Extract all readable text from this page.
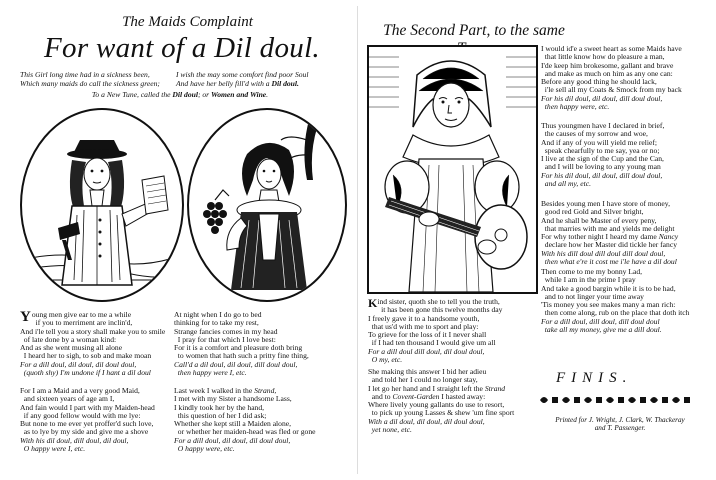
The Maids Complaint
For want of a Dil doul.
This Girl long time had in a sickness been,
Which many maids do call the sickness green;
I wish the may some comfort find poor Soul
And have her belly fill'd with a Dil doul.
To a New Tune, called the Dil doul; or Women and Wine.
Young men give ear to me a while
if you to merriment are inclin'd,
And i'le tell you a story shall make you to smile
of late done by a woman kind:
And as she went musing all alone
I heard her to sigh, to sob and make moan
For a dill doul, dil doul, dil doul doul,
(quoth shy) I'm undone if I hant a dil doul
For I am a Maid and a very good Maid,
and sixteen years of age am I,
And fain would I part with my Maiden-head
if any good fellow would with me lye:
But none to me ever yet proffer'd such love,
as to lye by my side and give me a shove
With his dil doul, dill doul, dil doul,
O happy were I, etc.
At night when I do go to bed
thinking for to take my rest,
Strange fancies comes in my head
I pray for that which I love best:
For it is a comfort and pleasure doth bring
to women that hath such a pritty fine thing,
Call'd a dil doul, dil doul, dill doul doul,
then happy were I, etc.
Last week I walked in the Strand,
I met with my Sister a handsome Lass,
I kindly took her by the hand,
this question of her I did ask;
Whether she kept still a Maiden alone,
or whether her maiden-head was fled or gone
For a dill doul, dil doul, dil doul doul,
O happy were, etc.
The Second Part, to the same
I would id'e a sweet heart as some Maids have
that little know how do pleasure a man,
I'de keep him brokesome, gallant and brave
and make as much on him as any one can:
Before any good thing he should lack,
i'le sell all my Coats & Smock from my back
For his dil doul, dil doul, dill doul doul,
then happy were, etc.
Thus youngmen have I declared in brief,
the causes of my sorrow and woe,
And if any of you will yield me relief;
speak chearfully to me say, yea or no;
I live at the sign of the Cup and the Can,
and I will be loving to any young man
For his dil doul, dil doul, dill doul doul,
and all my, etc.
Besides young men I have store of money,
good red Gold and Silver bright,
And he shall be Master of every peny,
that marries with me and yields me delight
For why tother night I heard my dame Nancy
declare how her Master did tickle her fancy
With his dill doul dill doul dill doul doul,
then what e're it cost me i'le have a dil doul
Then come to me my bonny Lad,
while I am in the prime I pray
And take a good bargin while it is to be had,
and to not linger your time away
'Tis money you see makes many a man rich:
then come along, rub on the place that doth itch
For a dill doul, dill doul, dill doul doul
take all my money, give me a dill doul.
Kind sister, quoth she to tell you the truth,
it has been gone this twelve months day
I freely gave it to a handsome youth,
that us'd with me to sport and play:
To grieve for the loss of it I never shall
if I had ten thousand I would give um all
For a dill doul dill doul, dil doul doul,
O my, etc.
She making this answer I bid her adieu
and told her I could no longer stay,
I let go her hand and I straight left the Strand
and to Covent-Garden I hasted away:
Where lively young gallants do use to resort,
to pick up young Lasses & shew 'um fine sport
With a dil doul, dil doul, dil doul doul,
yet none, etc.
FINIS.
Printed for J. Wright, J. Clark, W. Thackeray
and T. Passenger.
